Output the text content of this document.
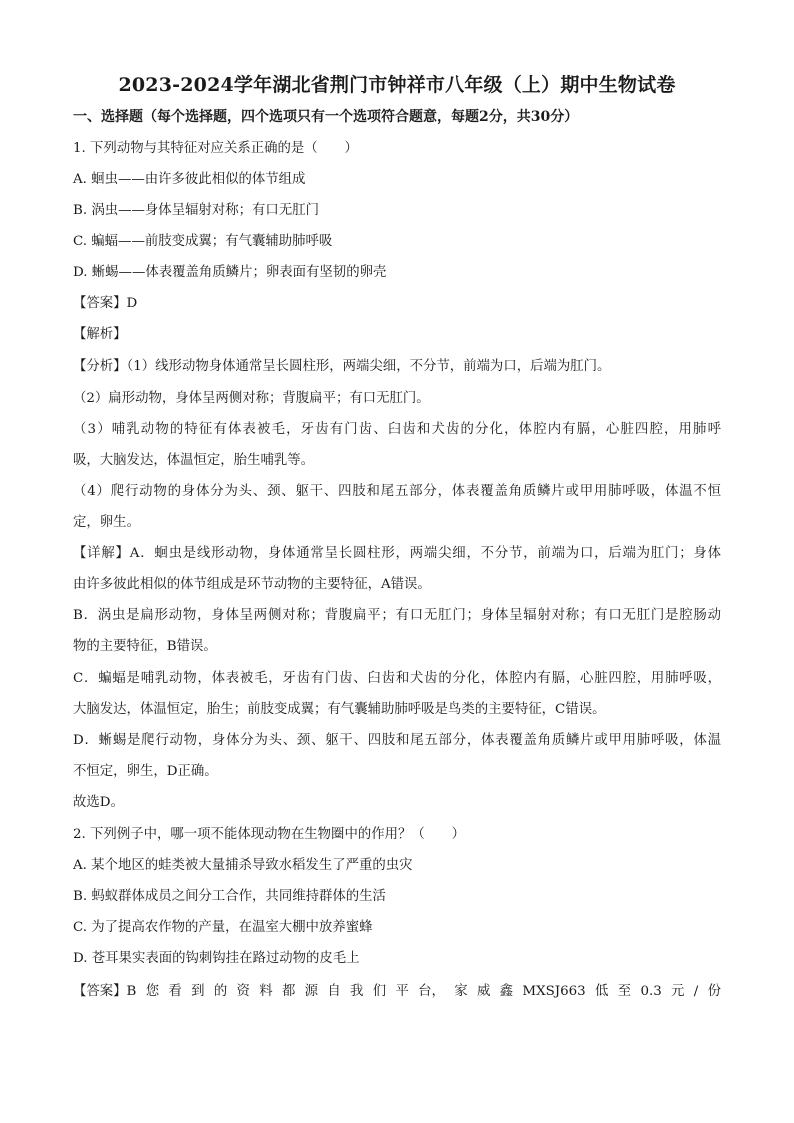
2023-2024学年湖北省荆门市钟祥市八年级（上）期中生物试卷
一、选择题（每个选择题，四个选项只有一个选项符合题意，每题2分，共30分）
1. 下列动物与其特征对应关系正确的是（　　）
A. 蛔虫——由许多彼此相似的体节组成
B. 涡虫——身体呈辐射对称；有口无肛门
C. 蝙蝠——前肢变成翼；有气囊辅助肺呼吸
D. 蜥蜴——体表覆盖角质鳞片；卵表面有坚韧的卵壳
【答案】D
【解析】
【分析】（1）线形动物身体通常呈长圆柱形，两端尖细，不分节，前端为口，后端为肛门。
（2）扁形动物，身体呈两侧对称；背腹扁平；有口无肛门。
（3）哺乳动物的特征有体表被毛，牙齿有门齿、臼齿和犬齿的分化，体腔内有膈，心脏四腔，用肺呼
吸，大脑发达，体温恒定，胎生哺乳等。
（4）爬行动物的身体分为头、颈、躯干、四肢和尾五部分，体表覆盖角质鳞片或甲用肺呼吸，体温不恒
定，卵生。
【详解】A．蛔虫是线形动物，身体通常呈长圆柱形，两端尖细，不分节，前端为口，后端为肛门；身体
由许多彼此相似的体节组成是环节动物的主要特征，A错误。
B．涡虫是扁形动物，身体呈两侧对称；背腹扁平；有口无肛门；身体呈辐射对称；有口无肛门是腔肠动
物的主要特征，B错误。
C．蝙蝠是哺乳动物，体表被毛，牙齿有门齿、臼齿和犬齿的分化，体腔内有膈，心脏四腔，用肺呼吸，
大脑发达，体温恒定，胎生；前肢变成翼；有气囊辅助肺呼吸是鸟类的主要特征，C错误。
D．蜥蜴是爬行动物，身体分为头、颈、躯干、四肢和尾五部分，体表覆盖角质鳞片或甲用肺呼吸，体温
不恒定，卵生，D正确。
故选D。
2. 下列例子中，哪一项不能体现动物在生物圈中的作用？（　　）
A. 某个地区的蛙类被大量捕杀导致水稻发生了严重的虫灾
B. 蚂蚁群体成员之间分工合作，共同维持群体的生活
C. 为了提高农作物的产量，在温室大棚中放养蜜蜂
D. 苍耳果实表面的钩刺钩挂在路过动物的皮毛上
【答案】B 您 看 到 的 资 料 都 源 自 我 们 平 台， 家 威 鑫 MXSJ663 低 至 0.3 元 / 份
